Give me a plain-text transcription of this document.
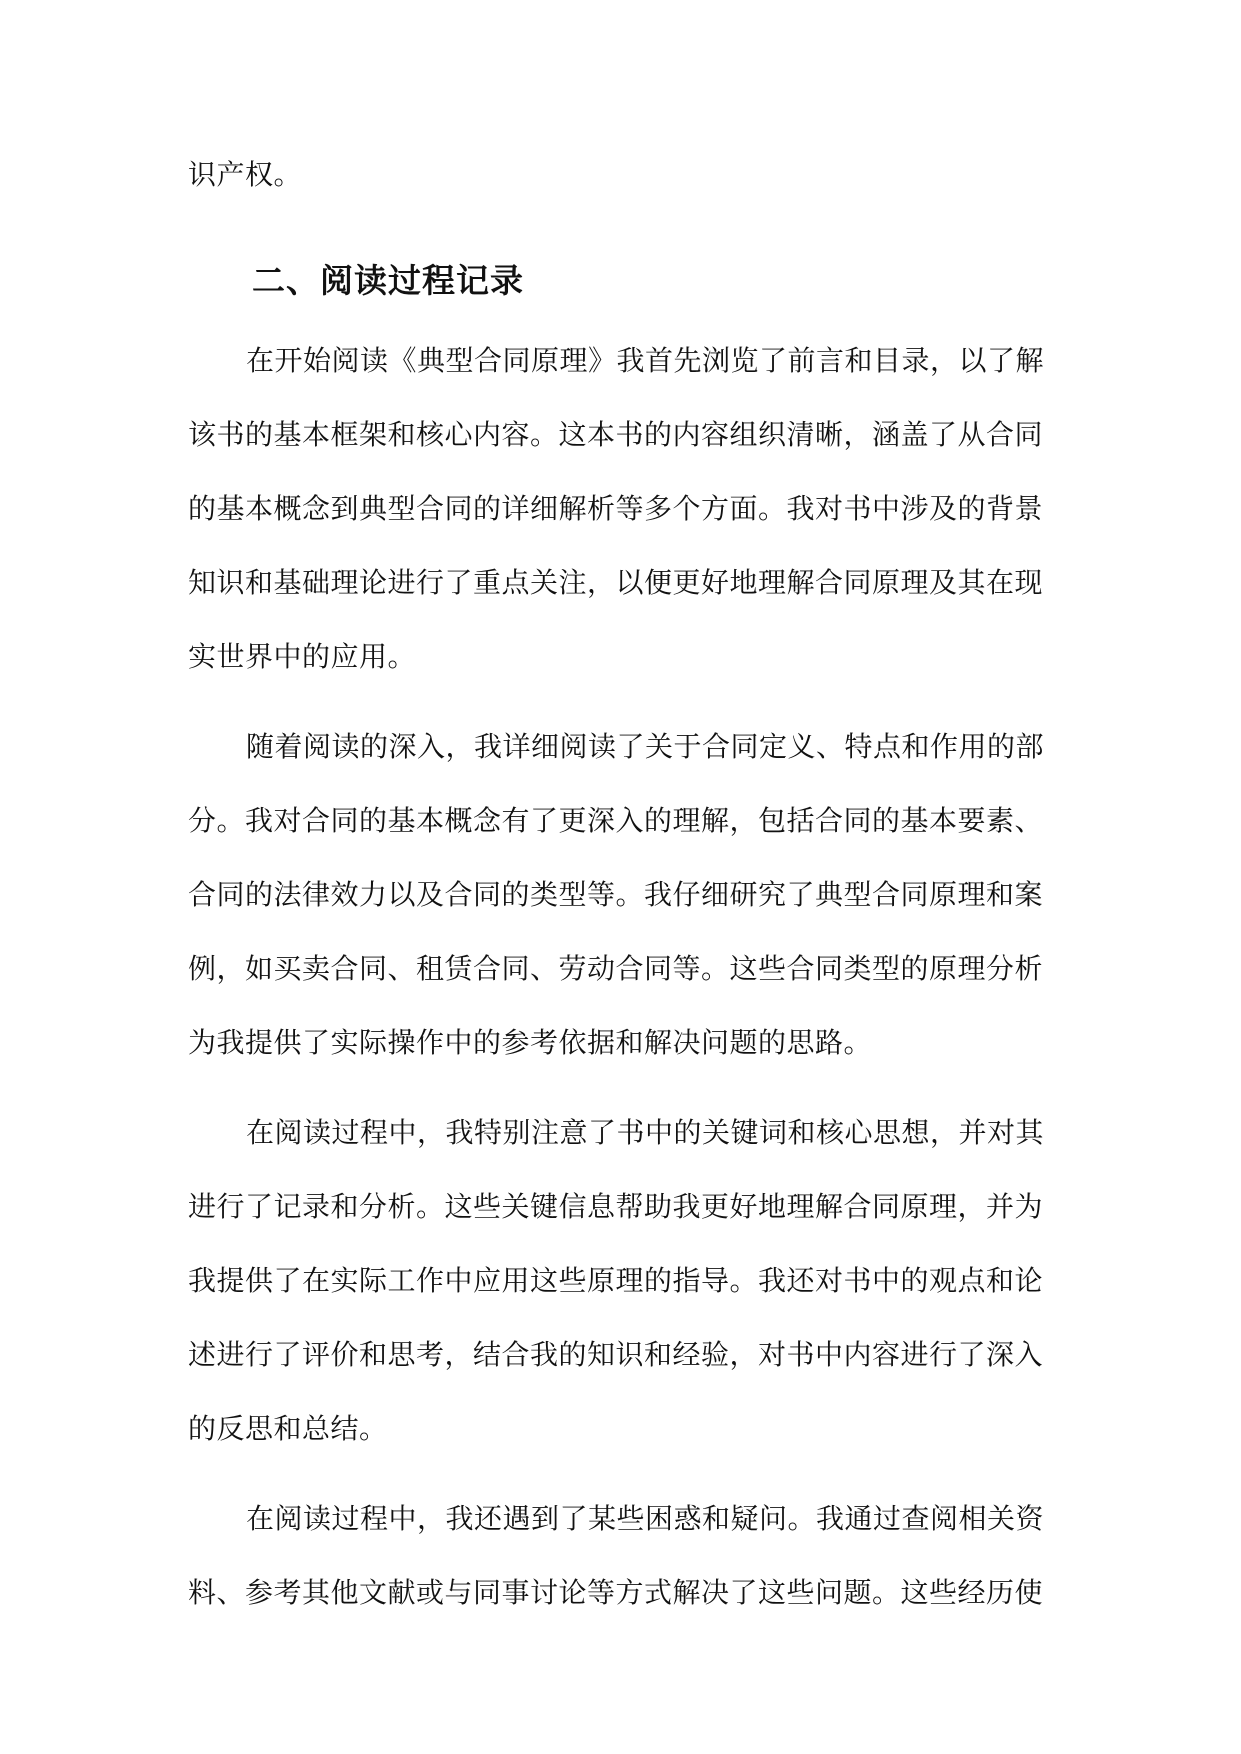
识产权。
二、阅读过程记录
在开始阅读《典型合同原理》我首先浏览了前言和目录，以了解
该书的基本框架和核心内容。这本书的内容组织清晰，涵盖了从合同
的基本概念到典型合同的详细解析等多个方面。我对书中涉及的背景
知识和基础理论进行了重点关注，以便更好地理解合同原理及其在现
实世界中的应用。
随着阅读的深入，我详细阅读了关于合同定义、特点和作用的部
分。我对合同的基本概念有了更深入的理解，包括合同的基本要素、
合同的法律效力以及合同的类型等。我仔细研究了典型合同原理和案
例，如买卖合同、租赁合同、劳动合同等。这些合同类型的原理分析
为我提供了实际操作中的参考依据和解决问题的思路。
在阅读过程中，我特别注意了书中的关键词和核心思想，并对其
进行了记录和分析。这些关键信息帮助我更好地理解合同原理，并为
我提供了在实际工作中应用这些原理的指导。我还对书中的观点和论
述进行了评价和思考，结合我的知识和经验，对书中内容进行了深入
的反思和总结。
在阅读过程中，我还遇到了某些困惑和疑问。我通过查阅相关资
料、参考其他文献或与同事讨论等方式解决了这些问题。这些经历使
